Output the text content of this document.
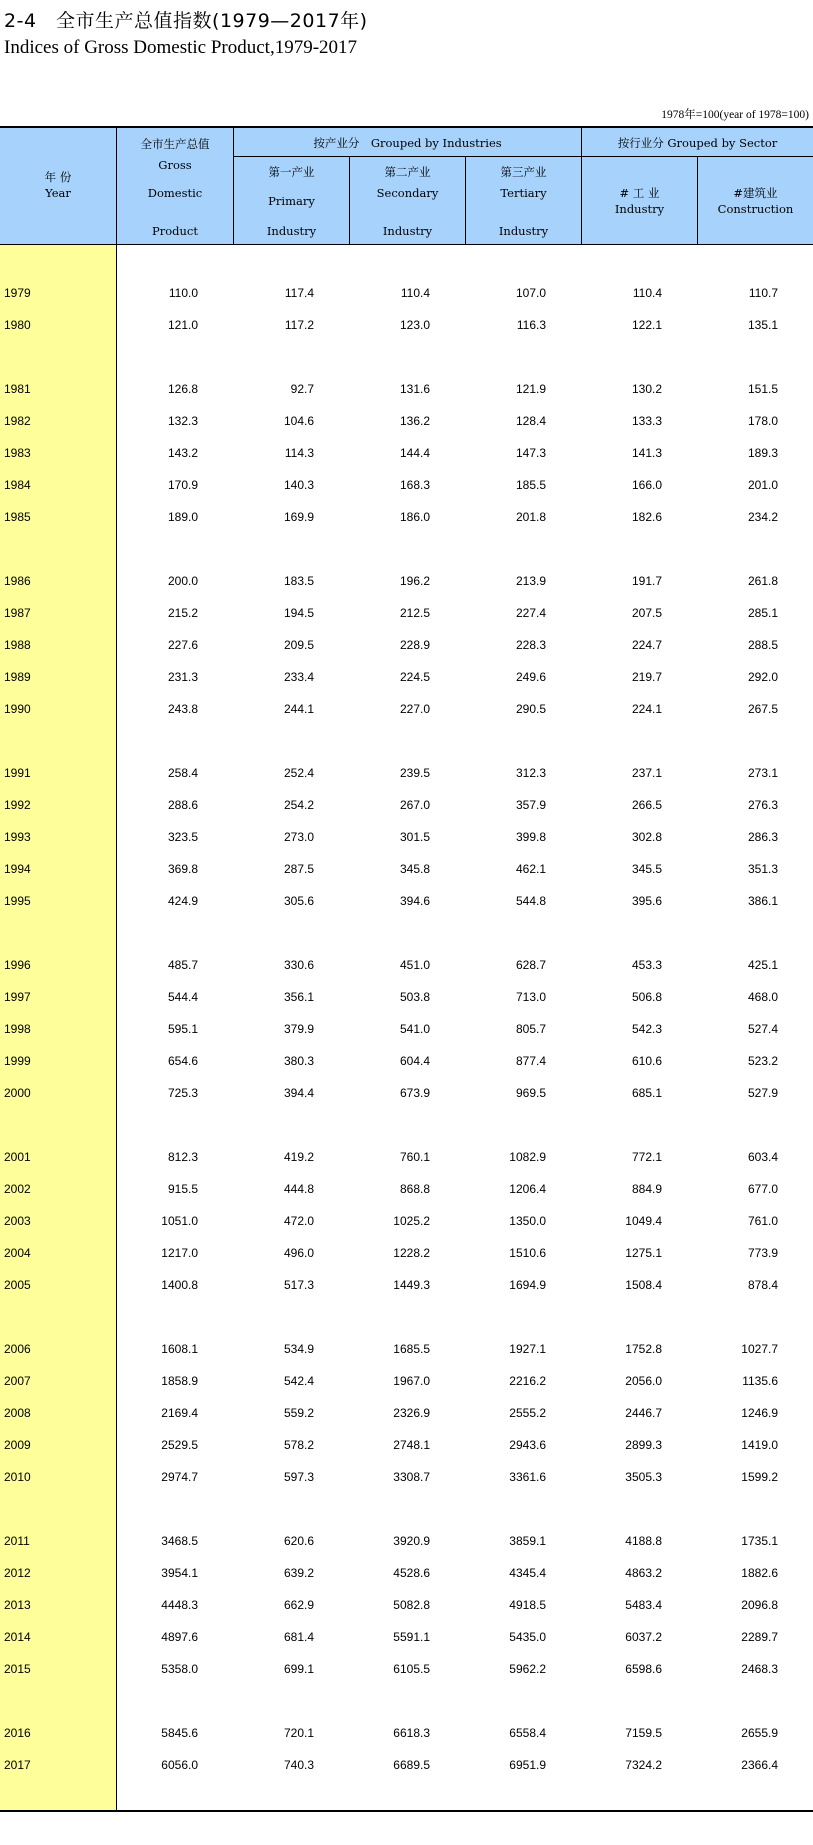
2-4　全市生产总值指数(1979—2017年)
Indices of Gross Domestic Product,1979-2017
1978年=100(year of 1978=100)
年 份
Year
全市生产总值
Gross
Domestic
Product
按产业分　Grouped by Industries	按行业分 Grouped by Sector
第一产业
Primary
Industry
第二产业
Secondary
Industry
第三产业
Tertiary
Industry
# 工 业
Industry
#建筑业
Construction
1979	110.0	117.4	110.4	107.0	110.4	110.7
1980	121.0	117.2	123.0	116.3	122.1	135.1
1981	126.8	92.7	131.6	121.9	130.2	151.5
1982	132.3	104.6	136.2	128.4	133.3	178.0
1983	143.2	114.3	144.4	147.3	141.3	189.3
1984	170.9	140.3	168.3	185.5	166.0	201.0
1985	189.0	169.9	186.0	201.8	182.6	234.2
1986	200.0	183.5	196.2	213.9	191.7	261.8
1987	215.2	194.5	212.5	227.4	207.5	285.1
1988	227.6	209.5	228.9	228.3	224.7	288.5
1989	231.3	233.4	224.5	249.6	219.7	292.0
1990	243.8	244.1	227.0	290.5	224.1	267.5
1991	258.4	252.4	239.5	312.3	237.1	273.1
1992	288.6	254.2	267.0	357.9	266.5	276.3
1993	323.5	273.0	301.5	399.8	302.8	286.3
1994	369.8	287.5	345.8	462.1	345.5	351.3
1995	424.9	305.6	394.6	544.8	395.6	386.1
1996	485.7	330.6	451.0	628.7	453.3	425.1
1997	544.4	356.1	503.8	713.0	506.8	468.0
1998	595.1	379.9	541.0	805.7	542.3	527.4
1999	654.6	380.3	604.4	877.4	610.6	523.2
2000	725.3	394.4	673.9	969.5	685.1	527.9
2001	812.3	419.2	760.1	1082.9	772.1	603.4
2002	915.5	444.8	868.8	1206.4	884.9	677.0
2003	1051.0	472.0	1025.2	1350.0	1049.4	761.0
2004	1217.0	496.0	1228.2	1510.6	1275.1	773.9
2005	1400.8	517.3	1449.3	1694.9	1508.4	878.4
2006	1608.1	534.9	1685.5	1927.1	1752.8	1027.7
2007	1858.9	542.4	1967.0	2216.2	2056.0	1135.6
2008	2169.4	559.2	2326.9	2555.2	2446.7	1246.9
2009	2529.5	578.2	2748.1	2943.6	2899.3	1419.0
2010	2974.7	597.3	3308.7	3361.6	3505.3	1599.2
2011	3468.5	620.6	3920.9	3859.1	4188.8	1735.1
2012	3954.1	639.2	4528.6	4345.4	4863.2	1882.6
2013	4448.3	662.9	5082.8	4918.5	5483.4	2096.8
2014	4897.6	681.4	5591.1	5435.0	6037.2	2289.7
2015	5358.0	699.1	6105.5	5962.2	6598.6	2468.3
2016	5845.6	720.1	6618.3	6558.4	7159.5	2655.9
2017	6056.0	740.3	6689.5	6951.9	7324.2	2366.4
